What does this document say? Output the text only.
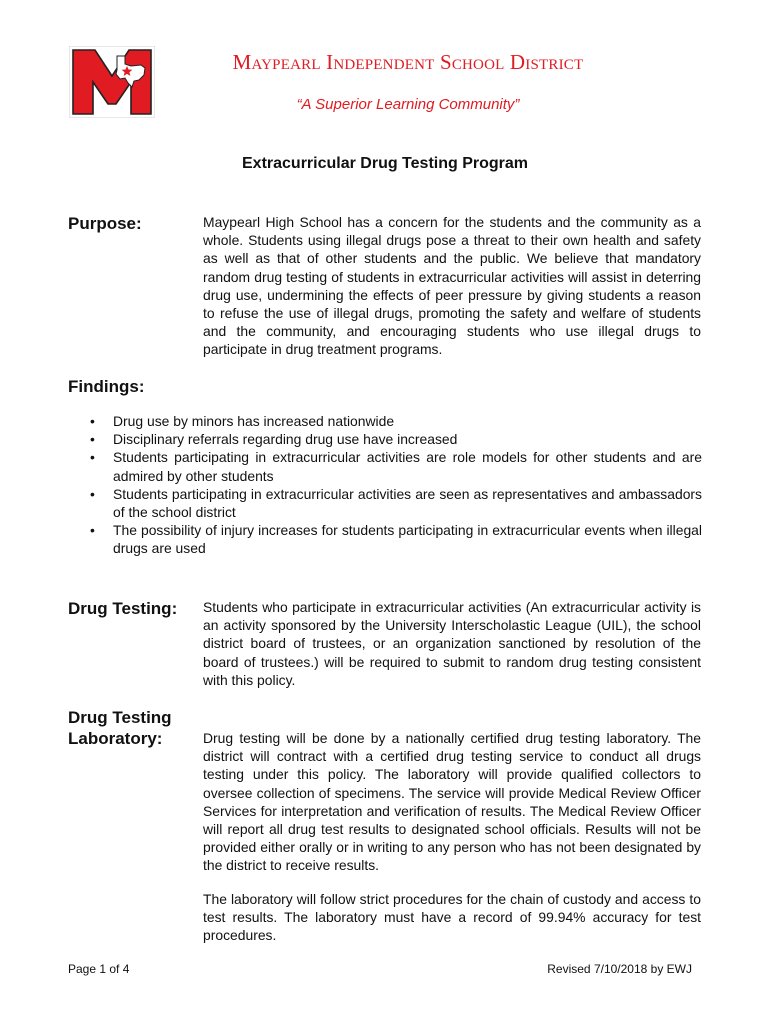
Maypearl Independent School District
“A Superior Learning Community”
Extracurricular Drug Testing Program
Purpose:	Maypearl High School has a concern for the students and the community as a whole. Students using illegal drugs pose a threat to their own health and safety as well as that of other students and the public. We believe that mandatory random drug testing of students in extracurricular activities will assist in deterring drug use, undermining the effects of peer pressure by giving students a reason to refuse the use of illegal drugs, promoting the safety and welfare of students and the community, and encouraging students who use illegal drugs to participate in drug treatment programs.

Findings:
• Drug use by minors has increased nationwide
• Disciplinary referrals regarding drug use have increased
• Students participating in extracurricular activities are role models for other students and are admired by other students
• Students participating in extracurricular activities are seen as representatives and ambassadors of the school district
• The possibility of injury increases for students participating in extracurricular events when illegal drugs are used
Drug Testing: Students who participate in extracurricular activities (An extracurricular activity is an activity sponsored by the University Interscholastic League (UIL), the school district board of trustees, or an organization sanctioned by resolution of the board of trustees.) will be required to submit to random drug testing consistent with this policy.

Drug Testing
Laboratory:	Drug testing will be done by a nationally certified drug testing laboratory. The district will contract with a certified drug testing service to conduct all drugs testing under this policy. The laboratory will provide qualified collectors to oversee collection of specimens. The service will provide Medical Review Officer Services for interpretation and verification of results. The Medical Review Officer will report all drug test results to designated school officials. Results will not be provided either orally or in writing to any person who has not been designated by the district to receive results.

The laboratory will follow strict procedures for the chain of custody and access to test results. The laboratory must have a record of 99.94% accuracy for test procedures.

Page 1 of 4	Revised 7/10/2018 by EWJ
